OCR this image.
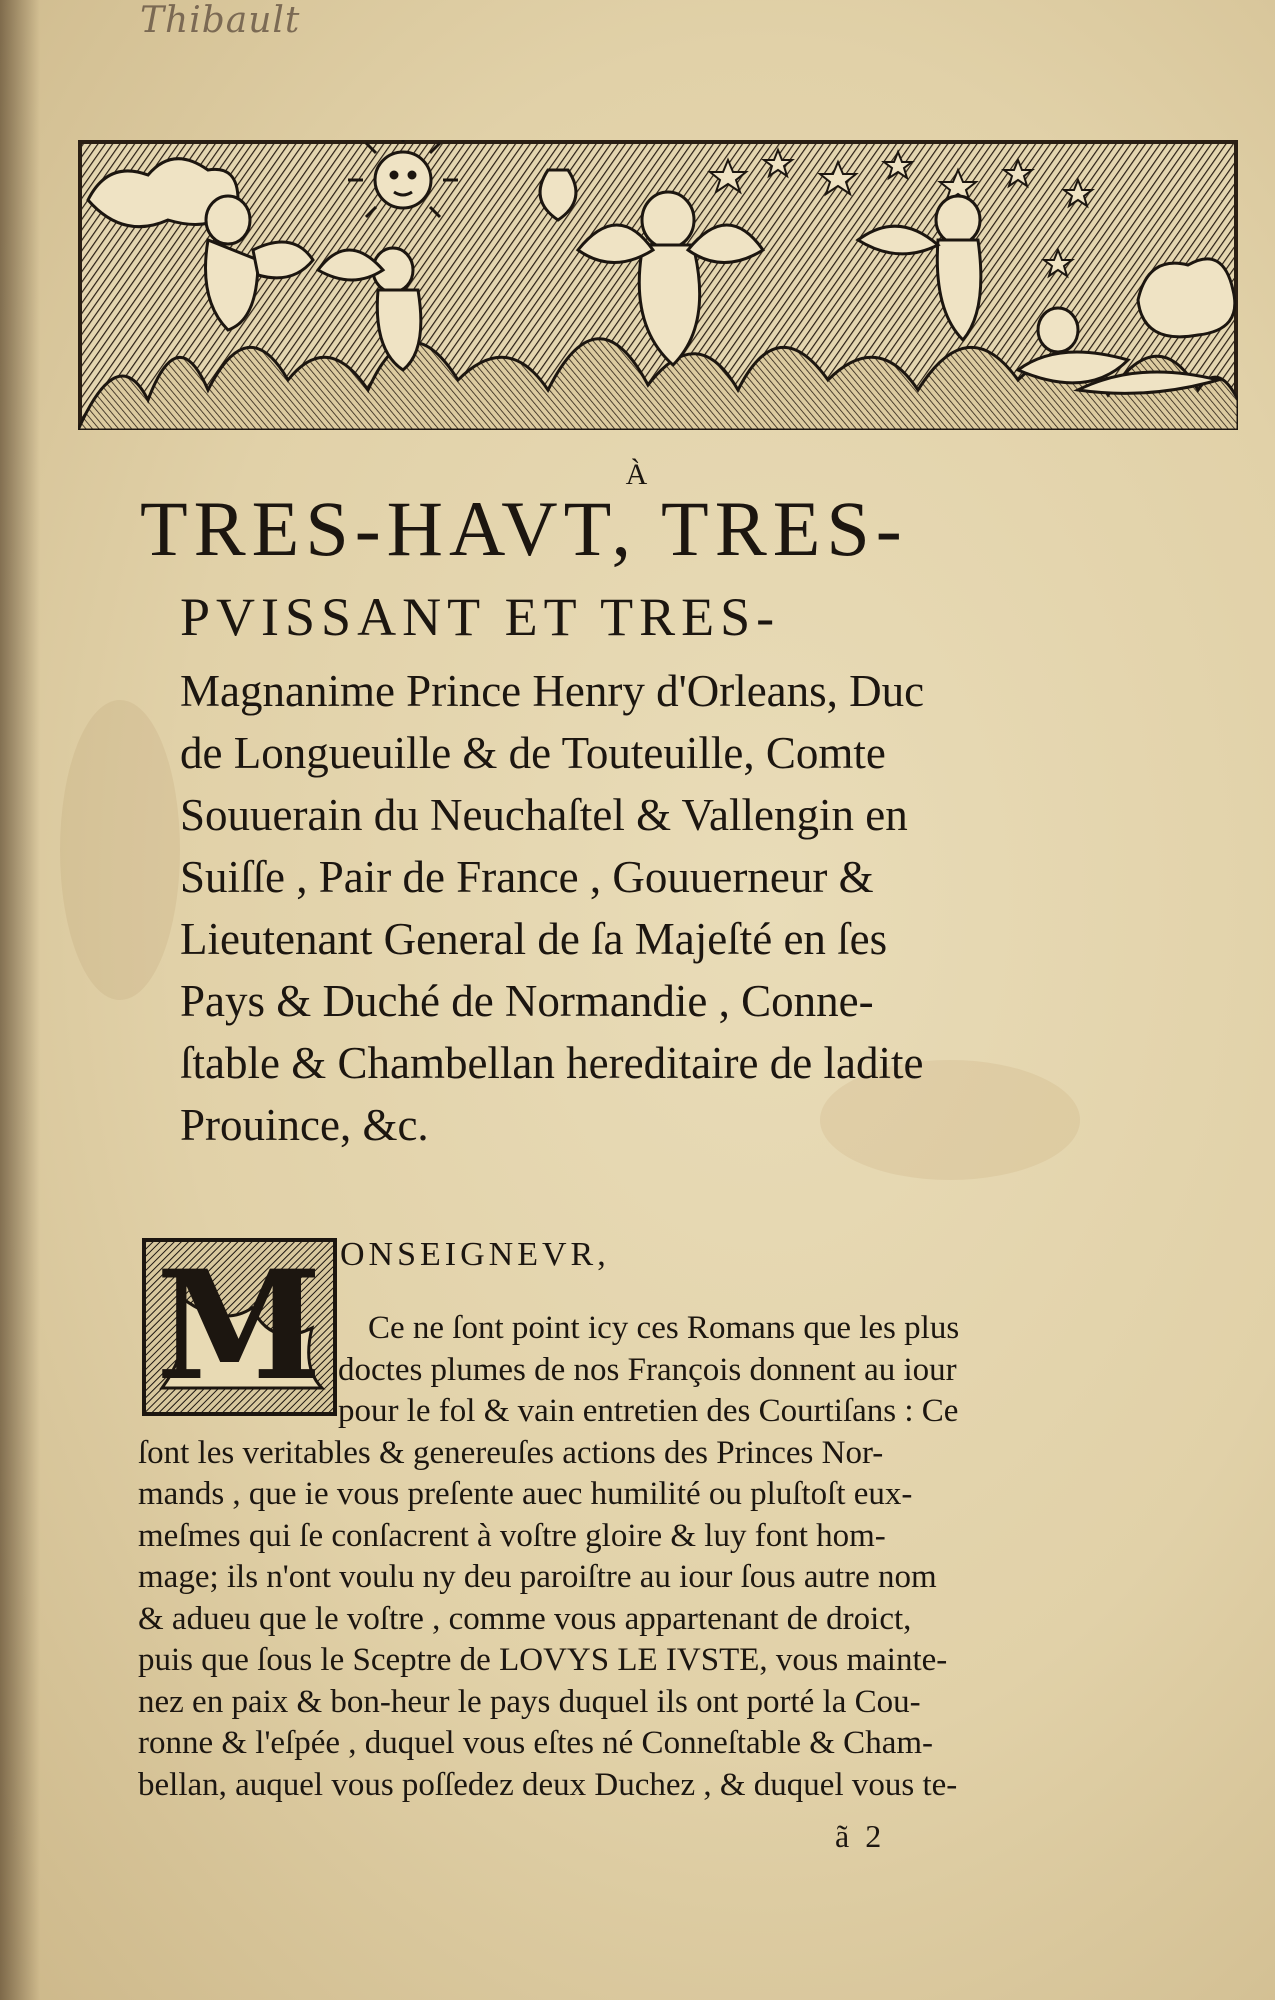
Thibault
À
TRES-HAVT, TRES-
PVISSANT ET TRES-
Magnanime Prince Henry d'Orleans, Duc
de Longueuille & de Touteuille, Comte
Souuerain du Neuchaſtel & Vallengin en
Suiſſe , Pair de France , Gouuerneur &
Lieutenant General de ſa Majeſté en ſes
Pays & Duché de Normandie , Conne-
ſtable & Chambellan hereditaire de ladite
Prouince, &c.
M ONSEIGNEVR,
Ce ne ſont point icy ces Romans que les plus
doctes plumes de nos François donnent au iour
pour le fol & vain entretien des Courtiſans : Ce
ſont les veritables & genereuſes actions des Princes Nor-
mands , que ie vous preſente auec humilité ou pluſtoſt eux-
meſmes qui ſe conſacrent à voſtre gloire & luy font hom-
mage; ils n'ont voulu ny deu paroiſtre au iour ſous autre nom
& adueu que le voſtre , comme vous appartenant de droict,
puis que ſous le Sceptre de LOVYS LE IVSTE, vous mainte-
nez en paix & bon-heur le pays duquel ils ont porté la Cou-
ronne & l'eſpée , duquel vous eſtes né Conneſtable & Cham-
bellan, auquel vous poſſedez deux Duchez , & duquel vous te-
ã 2
